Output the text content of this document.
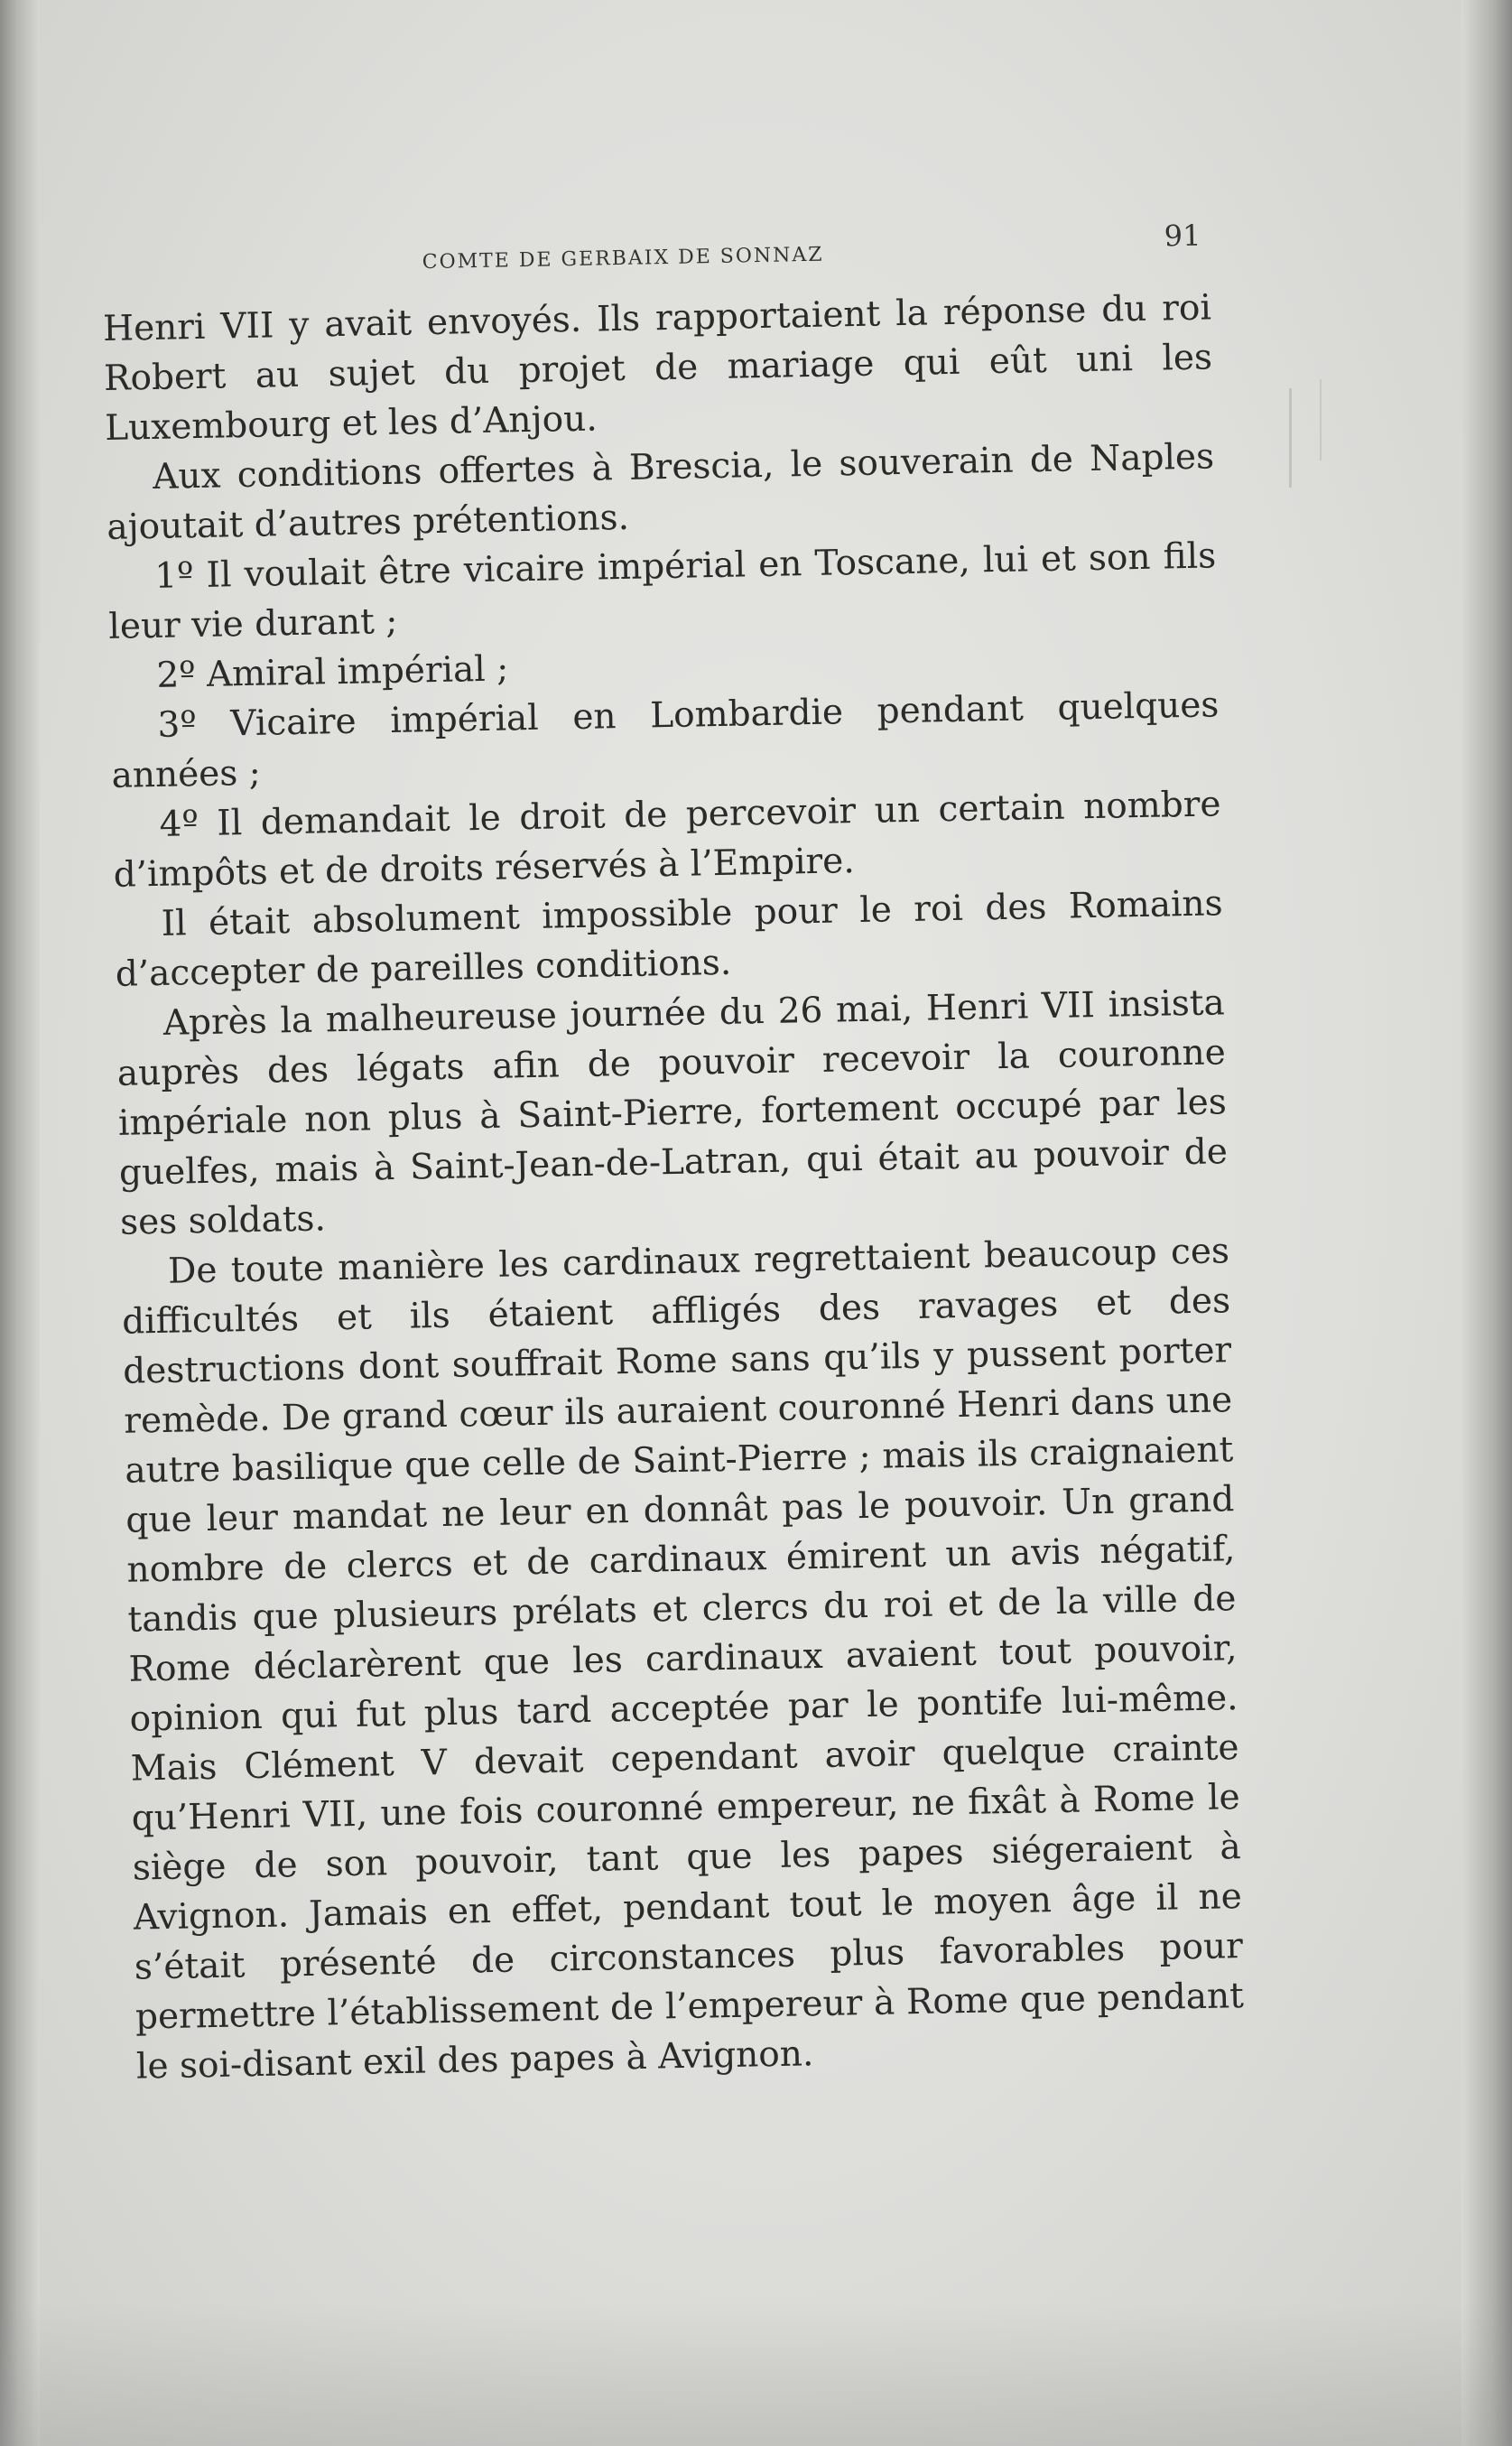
COMTE DE GERBAIX DE SONNAZ
91

Henri VII y avait envoyés. Ils rapportaient la réponse du roi Robert au sujet du projet de mariage qui eût uni les Luxembourg et les d’Anjou.

Aux conditions offertes à Brescia, le souverain de Naples ajoutait d’autres prétentions.

1º Il voulait être vicaire impérial en Toscane, lui et son fils leur vie durant ;

2º Amiral impérial ;

3º Vicaire impérial en Lombardie pendant quelques années ;

4º Il demandait le droit de percevoir un certain nombre d’impôts et de droits réservés à l’Empire.

Il était absolument impossible pour le roi des Romains d’accepter de pareilles conditions.

Après la malheureuse journée du 26 mai, Henri VII insista auprès des légats afin de pouvoir recevoir la couronne impériale non plus à Saint-Pierre, fortement occupé par les guelfes, mais à Saint-Jean-de-Latran, qui était au pouvoir de ses soldats.

De toute manière les cardinaux regrettaient beaucoup ces difficultés et ils étaient affligés des ravages et des destructions dont souffrait Rome sans qu’ils y pussent porter remède. De grand cœur ils auraient couronné Henri dans une autre basilique que celle de Saint-Pierre ; mais ils craignaient que leur mandat ne leur en donnât pas le pouvoir. Un grand nombre de clercs et de cardinaux émirent un avis négatif, tandis que plusieurs prélats et clercs du roi et de la ville de Rome déclarèrent que les cardinaux avaient tout pouvoir, opinion qui fut plus tard acceptée par le pontife lui-même. Mais Clément V devait cependant avoir quelque crainte qu’Henri VII, une fois couronné empereur, ne fixât à Rome le siège de son pouvoir, tant que les papes siégeraient à Avignon. Jamais en effet, pendant tout le moyen âge il ne s’était présenté de circonstances plus favorables pour permettre l’établissement de l’empereur à Rome que pendant le soi-disant exil des papes à Avignon.
